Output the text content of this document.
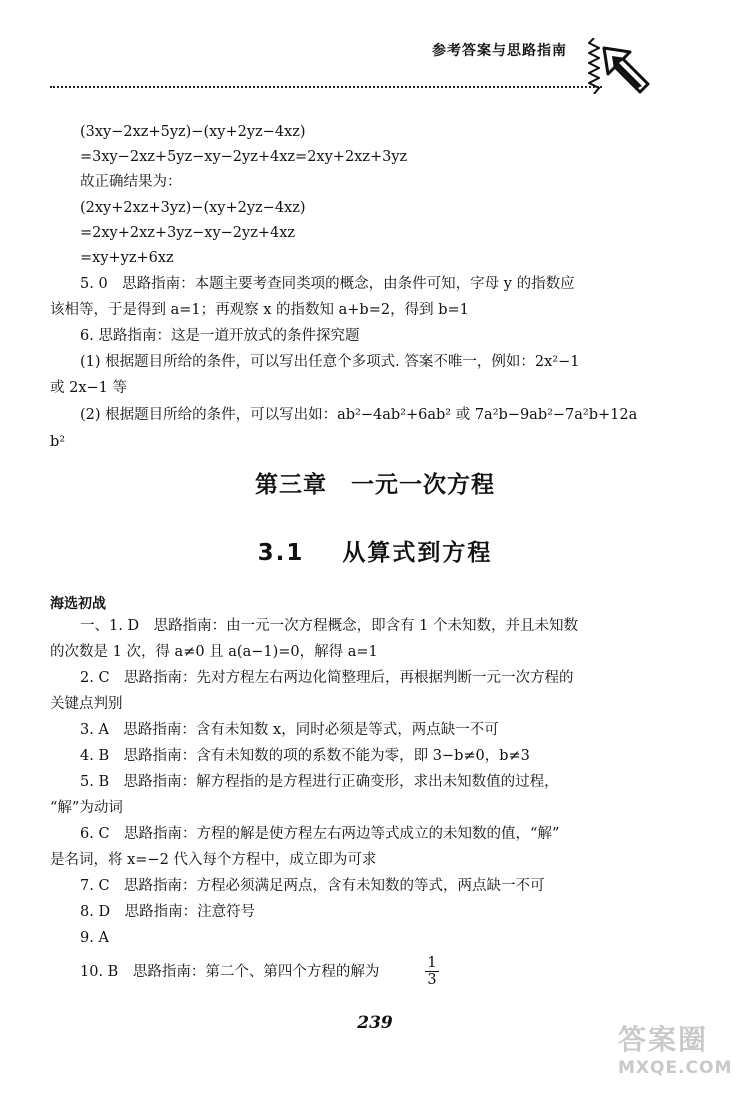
参考答案与思路指南
(3xy−2xz+5yz)−(xy+2yz−4xz)
=3xy−2xz+5yz−xy−2yz+4xz=2xy+2xz+3yz
故正确结果为：
(2xy+2xz+3yz)−(xy+2yz−4xz)
=2xy+2xz+3yz−xy−2yz+4xz
=xy+yz+6xz
5. 0　思路指南：本题主要考查同类项的概念，由条件可知，字母 y 的指数应
该相等，于是得到 a=1；再观察 x 的指数知 a+b=2，得到 b=1
6. 思路指南：这是一道开放式的条件探究题
(1) 根据题目所给的条件，可以写出任意个多项式. 答案不唯一，例如：2x²−1
或 2x−1 等
(2) 根据题目所给的条件，可以写出如：ab²−4ab²+6ab² 或 7a²b−9ab²−7a²b+12a
b²
第三章　一元一次方程
3.1 从算式到方程
海选初战
一、1. D　思路指南：由一元一次方程概念，即含有 1 个未知数，并且未知数
的次数是 1 次，得 a≠0 且 a(a−1)=0，解得 a=1
2. C　思路指南：先对方程左右两边化简整理后，再根据判断一元一次方程的
关键点判别
3. A　思路指南：含有未知数 x，同时必须是等式，两点缺一不可
4. B　思路指南：含有未知数的项的系数不能为零，即 3−b≠0，b≠3
5. B　思路指南：解方程指的是方程进行正确变形，求出未知数值的过程，
“解”为动词
6. C　思路指南：方程的解是使方程左右两边等式成立的未知数的值，“解”
是名词，将 x=−2 代入每个方程中，成立即为可求
7. C　思路指南：方程必须满足两点，含有未知数的等式，两点缺一不可
8. D　思路指南：注意符号
9. A
10. B　思路指南：第二个、第四个方程的解为
1
3
239	答案圈
MXQE.COM
